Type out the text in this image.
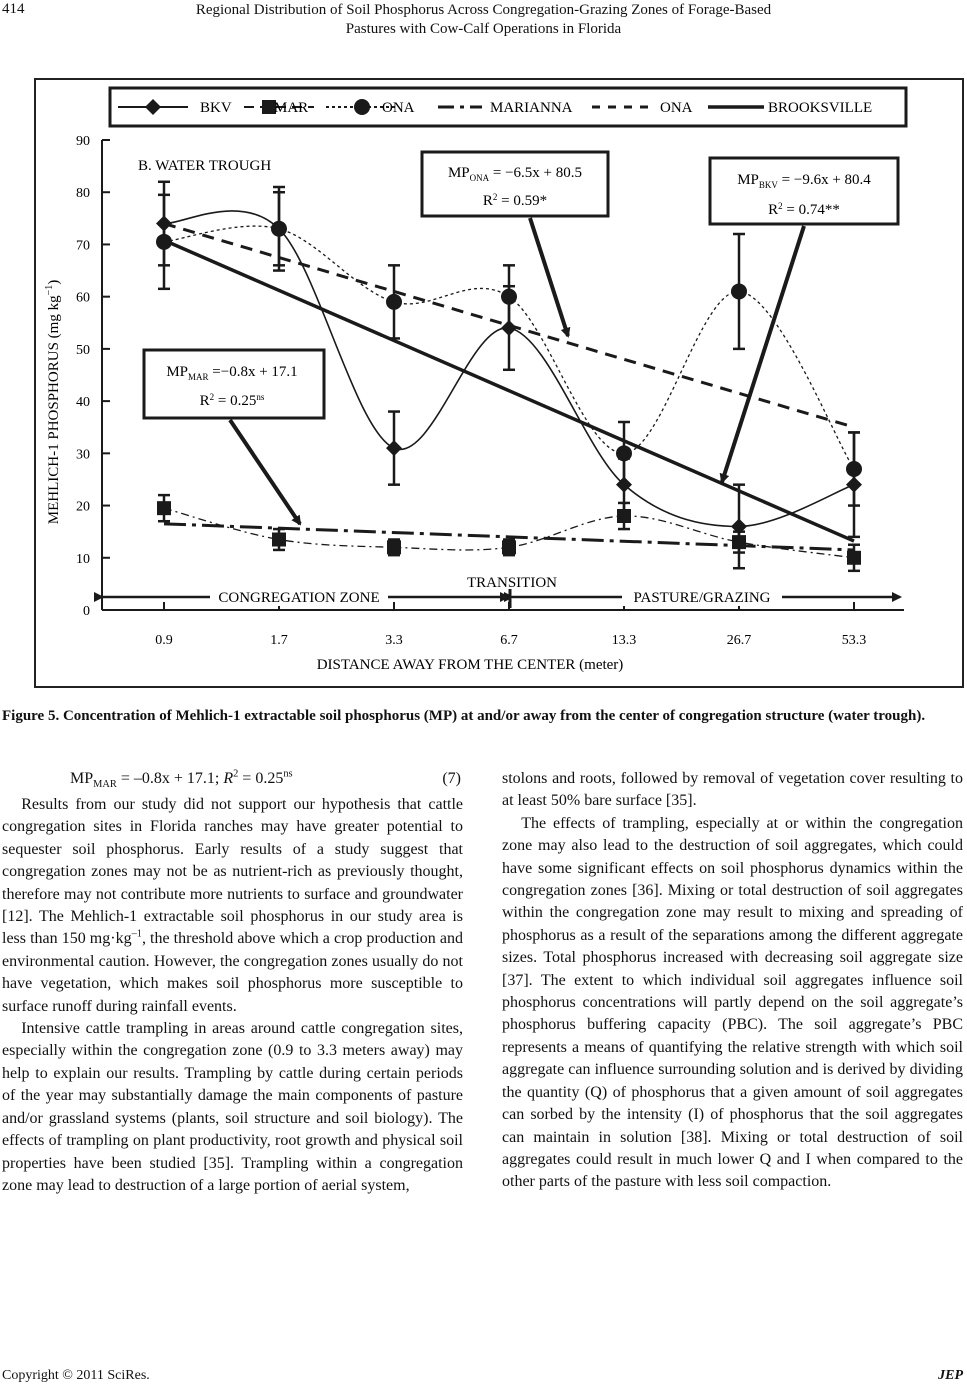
414	Regional Distribution of Soil Phosphorus Across Congregation-Grazing Zones of Forage-Based
Pastures with Cow-Calf Operations in Florida
BKV	MAR	ONA	MARIANNA	ONA	BROOKSVILLE
0
10
20
30
40
50
60
70
80
90
0.9	1.7	3.3	6.7	13.3	26.7	53.3
MEHLICH-1 PHOSPHORUS (mg $kg^{-1}$)
DISTANCE AWAY FROM THE CENTER (meter)
B. WATER TROUGH
CONGREGATION ZONE	PASTURE/GRAZING
TRANSITION
$MP_{ONA} = -6.5x + 80.5$
$R^2 = 0.59*$
$MP_{BKV} = -9.6x + 80.4$
$R^2 = 0.74**$
$MP_{MAR} =-0.8x + 17.1$
$R^2 = 0.25^{ns}$
Figure 5. Concentration of Mehlich-1 extractable soil phosphorus (MP) at and/or away from the center of congregation structure (water trough).
$MP_{MAR} = -0.8x + 17.1$; $R^2 = 0.25^{ns}$	(7)

Results from our study did not support our hypothesis that cattle congregation sites in Florida ranches may have greater potential to sequester soil phosphorus. Early results of a study suggest that congregation zones may not be as nutrient-rich as previously thought, therefore may not contribute more nutrients to surface and groundwater [12]. The Mehlich-1 extractable soil phosphorus in our study area is less than 150 $mg\cdot kg^{-1}$, the threshold above which a crop production and environmental caution. However, the congregation zones usually do not have vegetation, which makes soil phosphorus more susceptible to surface runoff during rainfall events.

Intensive cattle trampling in areas around cattle congregation sites, especially within the congregation zone (0.9 to 3.3 meters away) may help to explain our results. Trampling by cattle during certain periods of the year may substantially damage the main components of pasture and/or grassland systems (plants, soil structure and soil biology). The effects of trampling on plant productivity, root growth and physical soil properties have been studied [35]. Trampling within a congregation zone may lead to destruction of a large portion of aerial system,

stolons and roots, followed by removal of vegetation cover resulting to at least 50% bare surface [35].

The effects of trampling, especially at or within the congregation zone may also lead to the destruction of soil aggregates, which could have some significant effects on soil phosphorus dynamics within the congregation zones [36]. Mixing or total destruction of soil aggregates within the congregation zone may result to mixing and spreading of phosphorus as a result of the separations among the different aggregate sizes. Total phosphorus increased with decreasing soil aggregate size [37]. The extent to which individual soil aggregates influence soil phosphorus concentrations will partly depend on the soil aggregate’s phosphorus buffering capacity (PBC). The soil aggregate’s PBC represents a means of quantifying the relative strength with which soil aggregate can influence surrounding solution and is derived by dividing the quantity (Q) of phosphorus that a given amount of soil aggregates can sorbed by the intensity (I) of phosphorus that the soil aggregates can maintain in solution [38]. Mixing or total destruction of soil aggregates could result in much lower Q and I when compared to the other parts of the pasture with less soil compaction.

Copyright © 2011 SciRes.	JEP
